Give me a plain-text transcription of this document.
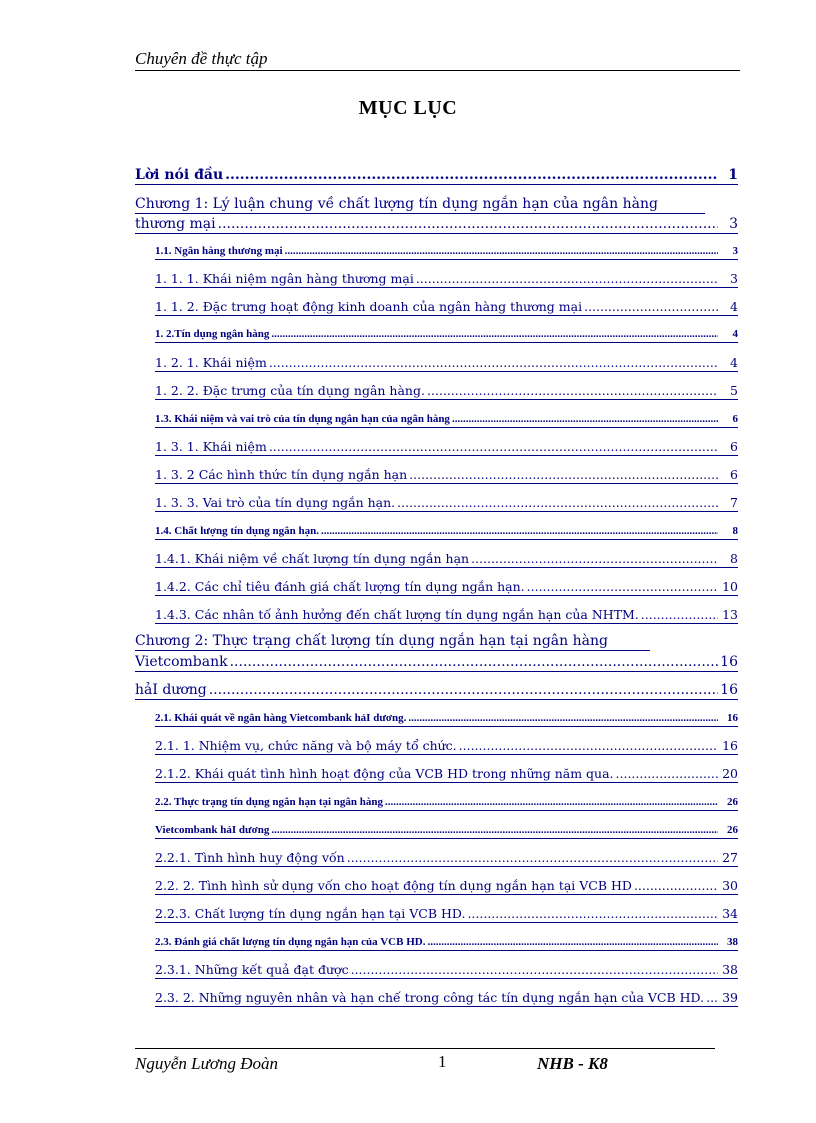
Chuyên đề thực tập
MỤC LỤC
Lời nói đầu .....	1
Chương 1: Lý luận chung về chất lượng tín dụng ngắn hạn của ngân hàng
thương mại .....	3
1.1. Ngân hàng thương mại .....	3
1. 1. 1. Khái niệm ngân hàng thương mại .....	3
1. 1. 2. Đặc trưng hoạt động kinh doanh của ngân hàng thương mại .....	4
1. 2.Tín dụng ngân hàng .....	4
1. 2. 1. Khái niệm .....	4
1. 2. 2. Đặc trưng của tín dụng ngân hàng. .....	5
1.3. Khái niệm và vai trò của tín dụng ngắn hạn của ngân hàng .....	6
1. 3. 1. Khái niệm .....	6
1. 3. 2 Các hình thức tín dụng ngắn hạn .....	6
1. 3. 3. Vai trò của tín dụng ngắn hạn. .....	7
1.4. Chất lượng tín dụng ngắn hạn. .....	8
1.4.1. Khái niệm về chất lượng tín dụng ngắn hạn .....	8
1.4.2. Các chỉ tiêu đánh giá chất lượng tín dụng ngắn hạn. .....	10
1.4.3. Các nhân tố ảnh hưởng đến chất lượng tín dụng ngắn hạn của NHTM. .....	13
Chương 2: Thực trạng chất lượng tín dụng ngắn hạn tại ngân hàng
Vietcombank .....	16
hảI dương .....	16
2.1. Khái quát về ngân hàng Vietcombank hảI dương. .....	16
2.1. 1. Nhiệm vụ, chức năng và bộ máy tổ chức. .....	16
2.1.2. Khái quát tình hình hoạt động của VCB HD trong những năm qua. .....	20
2.2. Thực trạng tín dụng ngắn hạn tại ngân hàng .....	26
Vietcombank hảI dương .....	26
2.2.1. Tình hình huy động vốn .....	27
2.2. 2. Tình hình sử dụng vốn cho hoạt động tín dụng ngắn hạn tại VCB HD .....	30
2.2.3. Chất lượng tín dụng ngắn hạn tại VCB HD. .....	34
2.3. Đánh giá chất lượng tín dụng ngắn hạn của VCB HD. .....	38
2.3.1. Những kết quả đạt được .....	38
2.3. 2. Những nguyên nhân và hạn chế trong công tác tín dụng ngắn hạn của VCB HD. ..... 39
Nguyễn Lương Đoàn	1	NHB - K8
